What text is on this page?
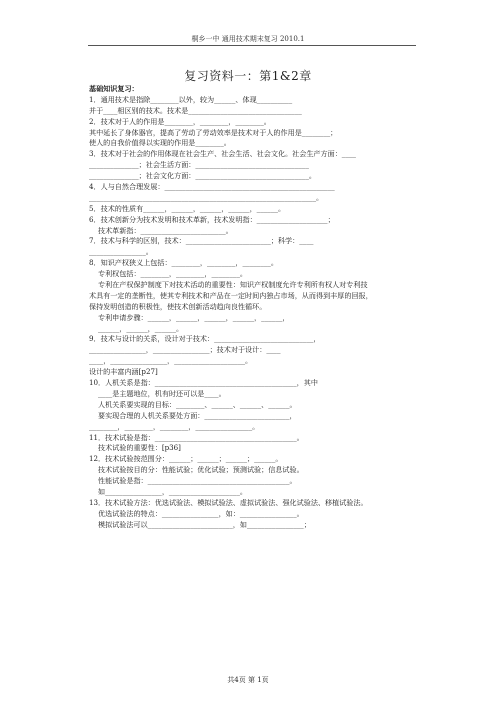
桐乡一中 通用技术期末复习 2010.1
复习资料一：第1&2章
基础知识复习：
1．通用技术是指除________以外，较为______、体现__________
并于____相区别的技术。技术是________________________________
2．技术对于人的作用是________，________，________。
其中延长了身体器官，提高了劳动了劳动效率是技术对于人的作用是________；
使人的自我价值得以实现的作用是________。
3．技术对于社会的作用体现在社会生产、社会生活、社会文化。社会生产方面：____
______________；社会生活方面：________________________________
______________；社会文化方面：________________________________。
4．人与自然合理发展：________________________________________________
________________________________________________________________。
5．技术的性质有______，______，______，______，______。
6．技术创新分为技术发明和技术革新，技术发明指：____________________；
技术革新指：________________________。
7．技术与科学的区别，技术：________________________；科学：____
________________。
8．知识产权狭义上包括：________，________，________。
专利权包括：________，________，________。
专利在产权保护制度下对技术活动的重要性：知识产权制度允许专利所有权人对专利技
术具有一定的垄断性，使其专利技术和产品在一定时间内独占市场，从而得到丰厚的回报，
保持发明创造的积极性，使技术创新活动趋向良性循环。
专利申请步骤：______，______，______，______，______，
______，______，______。
9．技术与设计的关系，设计对于技术：____________________________，
________________，________________；技术对于设计：____
____，________________，____________________。
设计的丰富内涵[p27]
10．人机关系是指：________________________________________，其中
____是主题地位，机有时还可以是____。
人机关系要实现的目标：________、______、______、______。
要实现合理的人机关系要处方面：________________________，
________，________，________，________________。
11．技术试验是指：________________________________________。
技术试验的重要性：[p36]
12．技术试验按范围分：______；______；______；______。
技术试验按目的分：性能试验；优化试验；预测试验；信息试验。
性能试验是指：________________________________________。
如________________，____________________。
13．技术试验方法：优选试验法、模拟试验法、虚拟试验法、强化试验法、移植试验法。
优选试验法的特点：________________，如：________________。
模拟试验法可以________________________，如________________；
共4页 第 1页
